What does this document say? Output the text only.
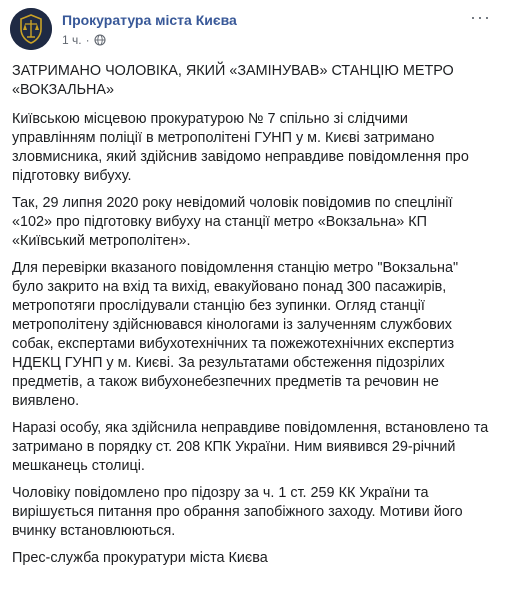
Прокуратура міста Києва
1 ч. ·
···

ЗАТРИМАНО ЧОЛОВІКА, ЯКИЙ «ЗАМІНУВАВ» СТАНЦІЮ МЕТРО «ВОКЗАЛЬНА»

Київською місцевою прокуратурою № 7 спільно зі слідчими управлінням поліції в метрополітені ГУНП у м. Києві затримано зловмисника, який здійснив завідомо неправдиве повідомлення про підготовку вибуху.

Так, 29 липня 2020 року невідомий чоловік повідомив по спецлінії «102» про підготовку вибуху на станції метро «Вокзальна» КП «Київський метрополітен».

Для перевірки вказаного повідомлення станцію метро "Вокзальна" було закрито на вхід та вихід, евакуйовано понад 300 пасажирів, метропотяги прослідували станцію без зупинки. Огляд станції метрополітену здійснювався кінологами із залученням службових собак, експертами вибухотехнічних та пожежотехнічних експертиз НДЕКЦ ГУНП у м. Києві. За результатами обстеження підозрілих предметів, а також вибухонебезпечних предметів та речовин не виявлено.

Наразі особу, яка здійснила неправдиве повідомлення, встановлено та затримано в порядку ст. 208 КПК України. Ним виявився 29-річний мешканець столиці.

Чоловіку повідомлено про підозру за ч. 1 ст. 259 КК України та вирішується питання про обрання запобіжного заходу. Мотиви його вчинку встановлюються.

Прес-служба прокуратури міста Києва
